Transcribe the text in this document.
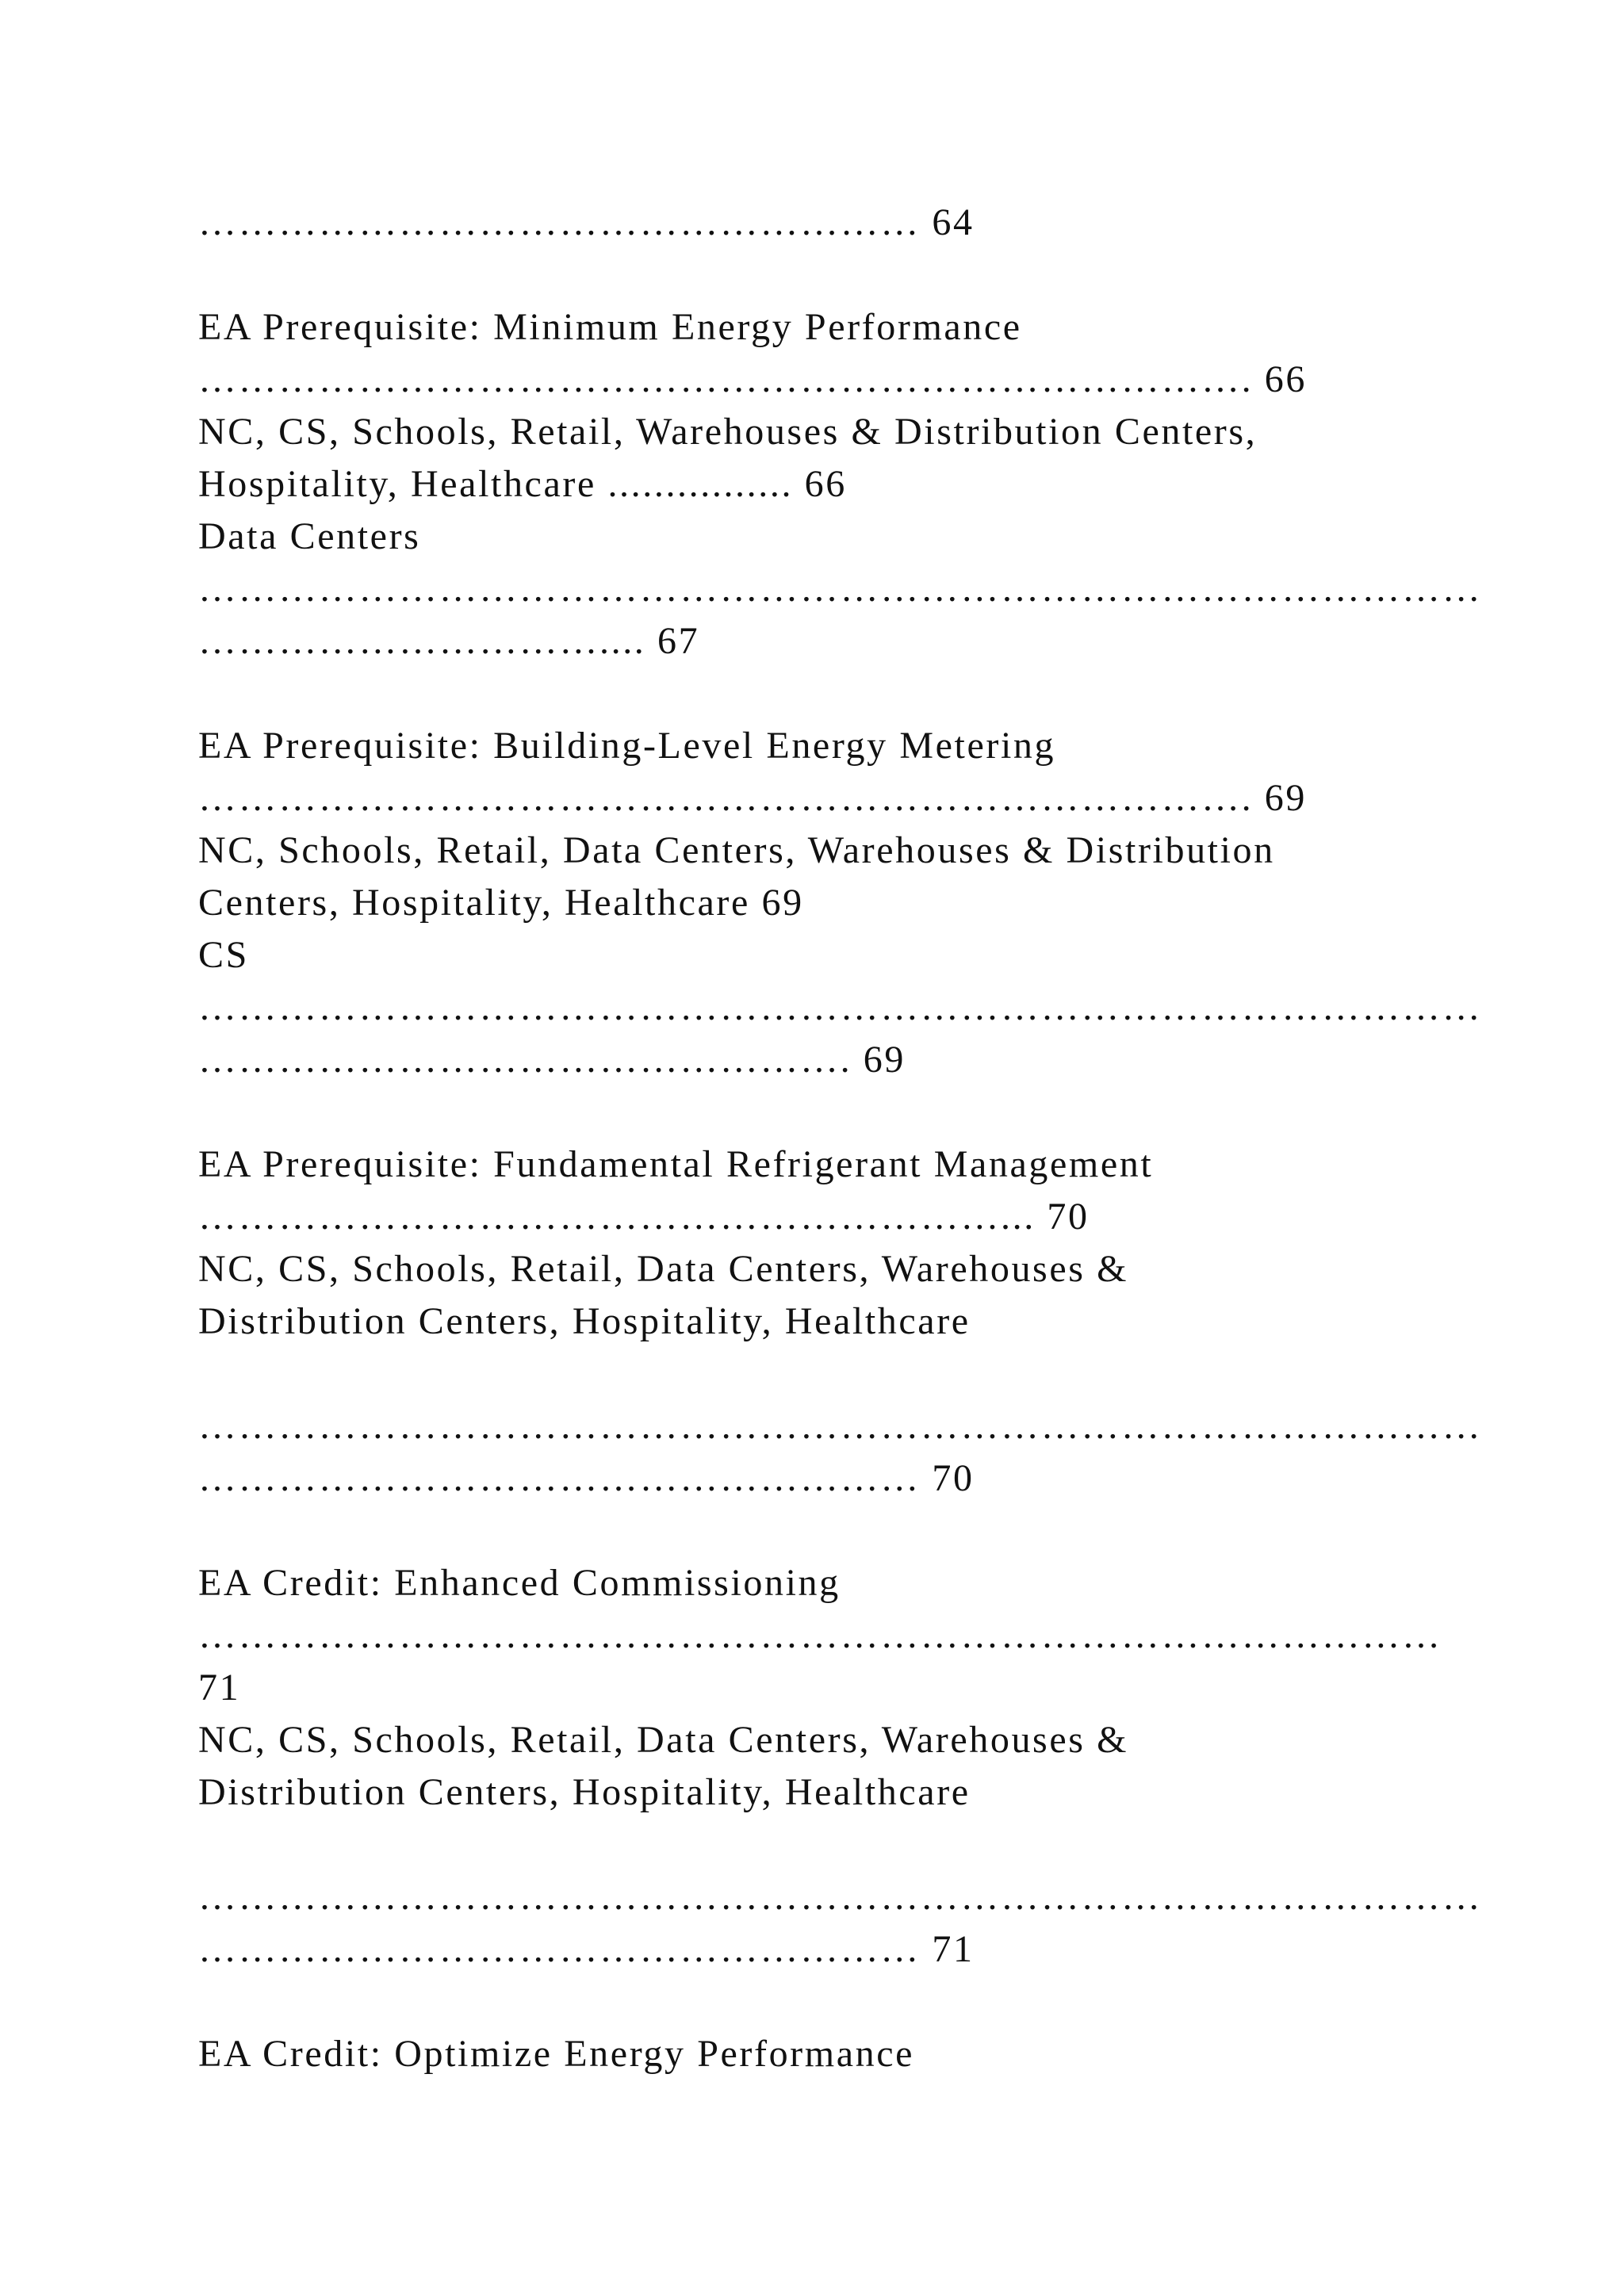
……………………………………………… 64

EA Prerequisite: Minimum Energy Performance

……………………………………………………………………. 66

NC, CS, Schools, Retail, Warehouses & Distribution Centers,

Hospitality, Healthcare ................ 66

Data Centers

……………………………………………………………………………………

………………………….... 67

EA Prerequisite: Building-Level Energy Metering

……………………………………………………………………. 69

NC, Schools, Retail, Data Centers, Warehouses & Distribution

Centers, Hospitality, Healthcare 69

CS

……………………………………………………………………………………

…………………………………………. 69

EA Prerequisite: Fundamental Refrigerant Management

……………………………………………………... 70

NC, CS, Schools, Retail, Data Centers, Warehouses &

Distribution Centers, Hospitality, Healthcare

……………………………………………………………………………………

……………………………………………… 70

EA Credit: Enhanced Commissioning

…………………………………………………………………………………

71

NC, CS, Schools, Retail, Data Centers, Warehouses &

Distribution Centers, Hospitality, Healthcare

……………………………………………………………………………………

……………………………………………… 71

EA Credit: Optimize Energy Performance
